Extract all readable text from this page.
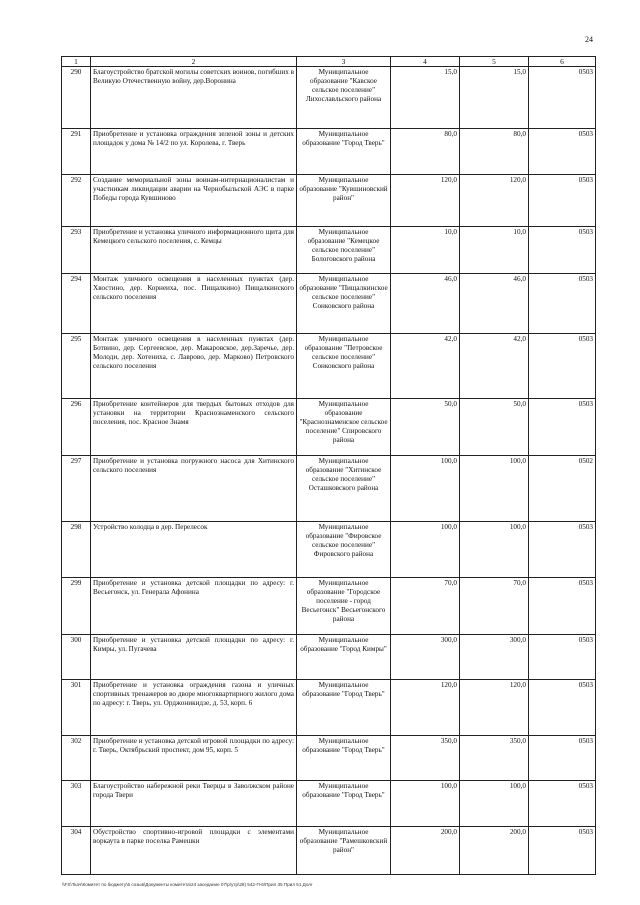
24
1	2	3	4	5	6
290	Благоустройство братской могилы советских воинов, погибших в Великую Отечественную войну, дер.Воронина	Муниципальное образование "Кавское сельское поселение" Лихославльского района	15,0	15,0	0503
291	Приобретение и установка ограждения зеленой зоны и детских площадок у дома № 14/2 по ул. Королева, г. Тверь	Муниципальное образование "Город Тверь"	80,0	80,0	0503
292	Создание мемориальной зоны воинам-интернационалистам и участникам ликвидации аварии на Чернобыльской АЭС в парке Победы города Кувшиново	Муниципальное образование "Кувшиновский район"	120,0	120,0	0503
293	Приобретение и установка уличного информационного щита для Кемецкого сельского поселения, с. Кемцы	Муниципальное образование "Кемецкое сельское поселение" Бологовского района	10,0	10,0	0503
294	Монтаж уличного освещения в населенных пунктах (дер. Хвостино, дер. Корнеиха, пос. Пищалкино) Пищалкинского сельского поселения	Муниципальное образование "Пищалкинское сельское поселение" Сонковского района	46,0	46,0	0503
295	Монтаж уличного освещения в населенных пунктах (дер. Ботвино, дер. Сергеевское, дер. Макаровское, дер.Заречье, дер. Молоди, дер. Хотениха, с. Лаврово, дер. Марково) Петровского сельского поселения	Муниципальное образование "Петровское сельское поселение" Сонковского района	42,0	42,0	0503
296	Приобретение контейнеров для твердых бытовых отходов для установки на территории Краснознаменского сельского поселения, пос. Красное Знамя	Муниципальное образование "Краснознаменское сельское поселение" Спировского района	50,0	50,0	0503
297	Приобретение и установка погружного насоса для Хитинского сельского поселения	Муниципальное образование "Хитинское сельское поселение" Осташковского района	100,0	100,0	0502
298	Устройство колодца в дер. Перелесок	Муниципальное образование "Фировское сельское поселение" Фировского района	100,0	100,0	0503
299	Приобретение и установка детской площадки по адресу: г. Весьегонск, ул. Генерала Афонина	Муниципальное образование "Городское поселение - город Весьегонск" Весьегонского района	70,0	70,0	0503
300	Приобретение и установка детской площадки по адресу: г. Кимры, ул. Пугачева	Муниципальное образование "Город Кимры"	300,0	300,0	0503
301	Приобретение и установка ограждения газона и уличных спортивных тренажеров во дворе многоквартирного жилого дома по адресу: г. Тверь, ул. Орджоникидзе, д. 53, корп. 6	Муниципальное образование "Город Тверь"	120,0	120,0	0503
302	Приобретение и установка детской игровой площадки по адресу: г. Тверь, Октябрьский проспект, дом 95, корп. 5	Муниципальное образование "Город Тверь"	350,0	350,0	0503
303	Благоустройство набережной реки Тверцы в Заволжском районе города Твери	Муниципальное образование "Город Тверь"	100,0	100,0	0503
304	Обустройство спортивно-игровой площадки с элементами воркаута в парке поселка Рамешки	Муниципальное образование "Рамешковский район"	200,0	200,0	0503
\\FS\Ткач\Комитет по бюджету\6 созыв\Документы комитета\24 заседание 07\р\утр\28) 542-П-6\Прил 35 Прил 51 Долг
